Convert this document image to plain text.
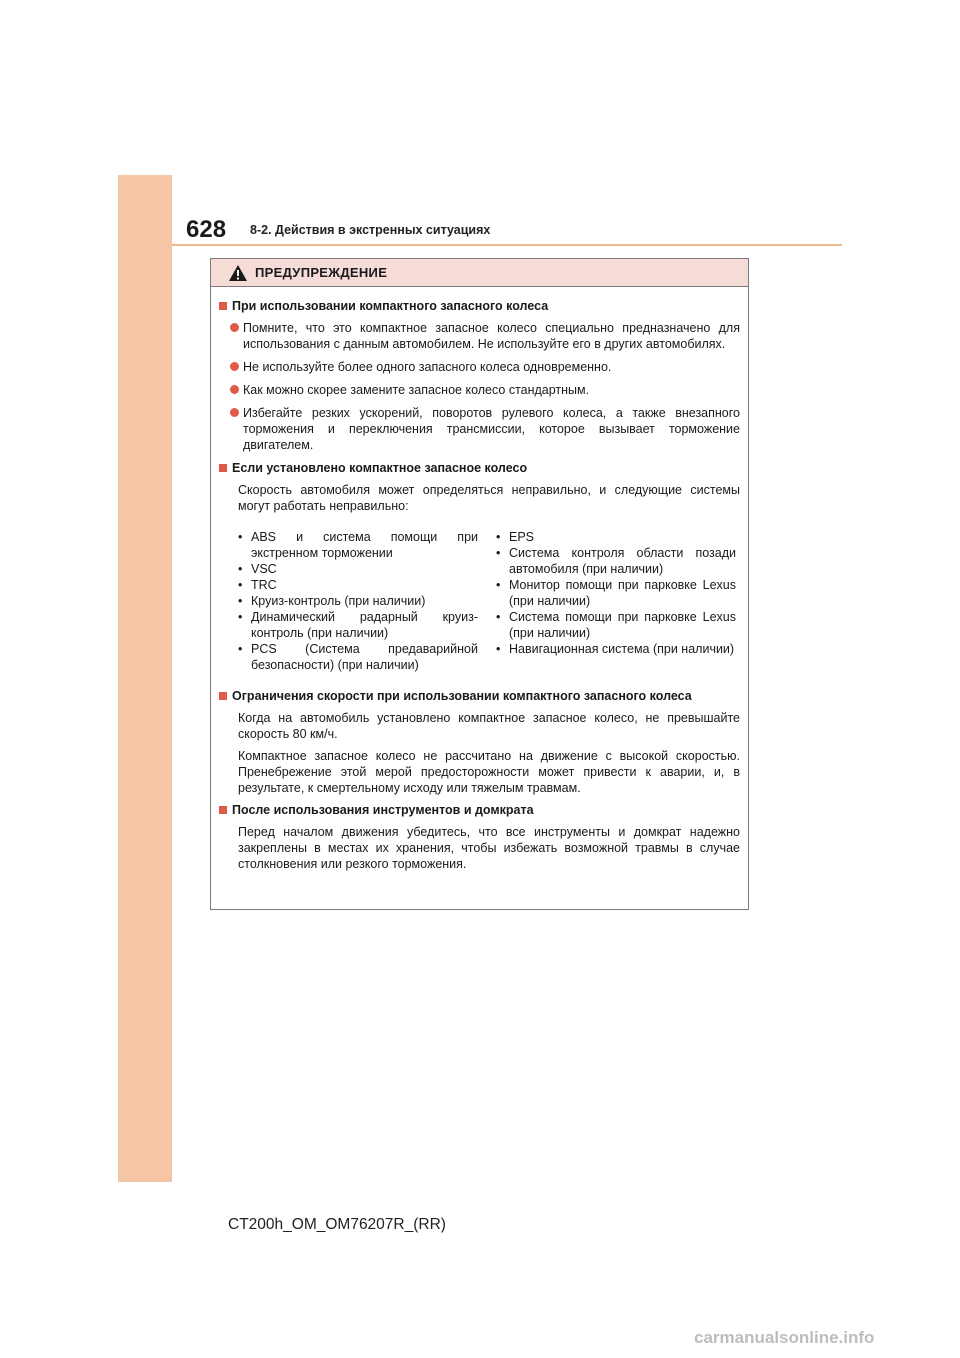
628 8-2. Действия в экстренных ситуациях
ПРЕДУПРЕЖДЕНИЕ
При использовании компактного запасного колеса
Помните, что это компактное запасное колесо специально предназначено для использования с данным автомобилем. Не используйте его в других автомобилях.
Не используйте более одного запасного колеса одновременно.
Как можно скорее замените запасное колесо стандартным.
Избегайте резких ускорений, поворотов рулевого колеса, а также внезапного торможения и переключения трансмиссии, которое вызывает торможение двигателем.
Если установлено компактное запасное колесо
Скорость автомобиля может определяться неправильно, и следующие системы могут работать неправильно:
• ABS и система помощи при экстренном торможении
• VSC
• TRC
• Круиз-контроль (при наличии)
• Динамический радарный круиз-контроль (при наличии)
• PCS (Система предаварийной безопасности) (при наличии)
• EPS
• Система контроля области позади автомобиля (при наличии)
• Монитор помощи при парковке Lexus (при наличии)
• Система помощи при парковке Lexus (при наличии)
• Навигационная система (при наличии)
Ограничения скорости при использовании компактного запасного колеса
Когда на автомобиль установлено компактное запасное колесо, не превышайте скорость 80 км/ч.
Компактное запасное колесо не рассчитано на движение с высокой скоростью. Пренебрежение этой мерой предосторожности может привести к аварии, и, в результате, к смертельному исходу или тяжелым травмам.
После использования инструментов и домкрата
Перед началом движения убедитесь, что все инструменты и домкрат надежно закреплены в местах их хранения, чтобы избежать возможной травмы в случае столкновения или резкого торможения.
CT200h_OM_OM76207R_(RR)
carmanualsonline.info
